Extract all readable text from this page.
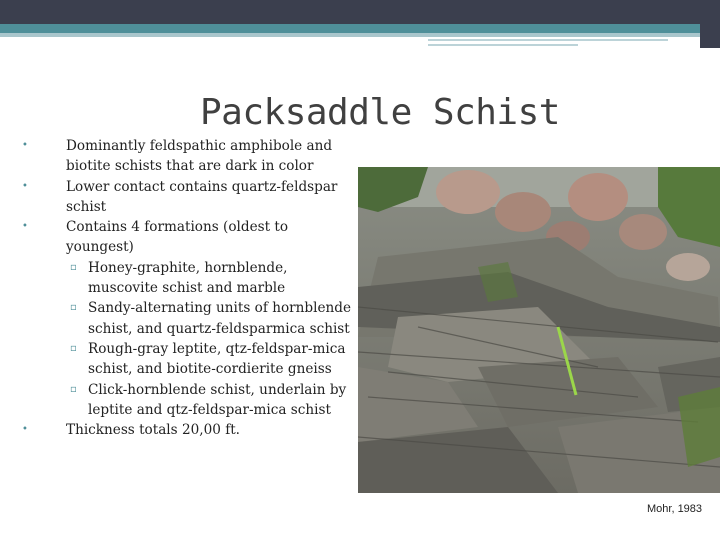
Packsaddle Schist
•	Dominantly feldspathic amphibole and biotite schists that are dark in color
•	Lower contact contains quartz-feldspar schist
•	Contains 4 formations (oldest to youngest)
▫ Honey-graphite, hornblende, muscovite schist and marble
▫ Sandy-alternating units of hornblende schist, and quartz-feldsparmica schist
▫ Rough-gray leptite, qtz-feldspar-mica schist, and biotite-cordierite gneiss
▫ Click-hornblende schist, underlain by leptite and qtz-feldspar-mica schist
•	Thickness totals 20,00 ft.
Mohr, 1983
